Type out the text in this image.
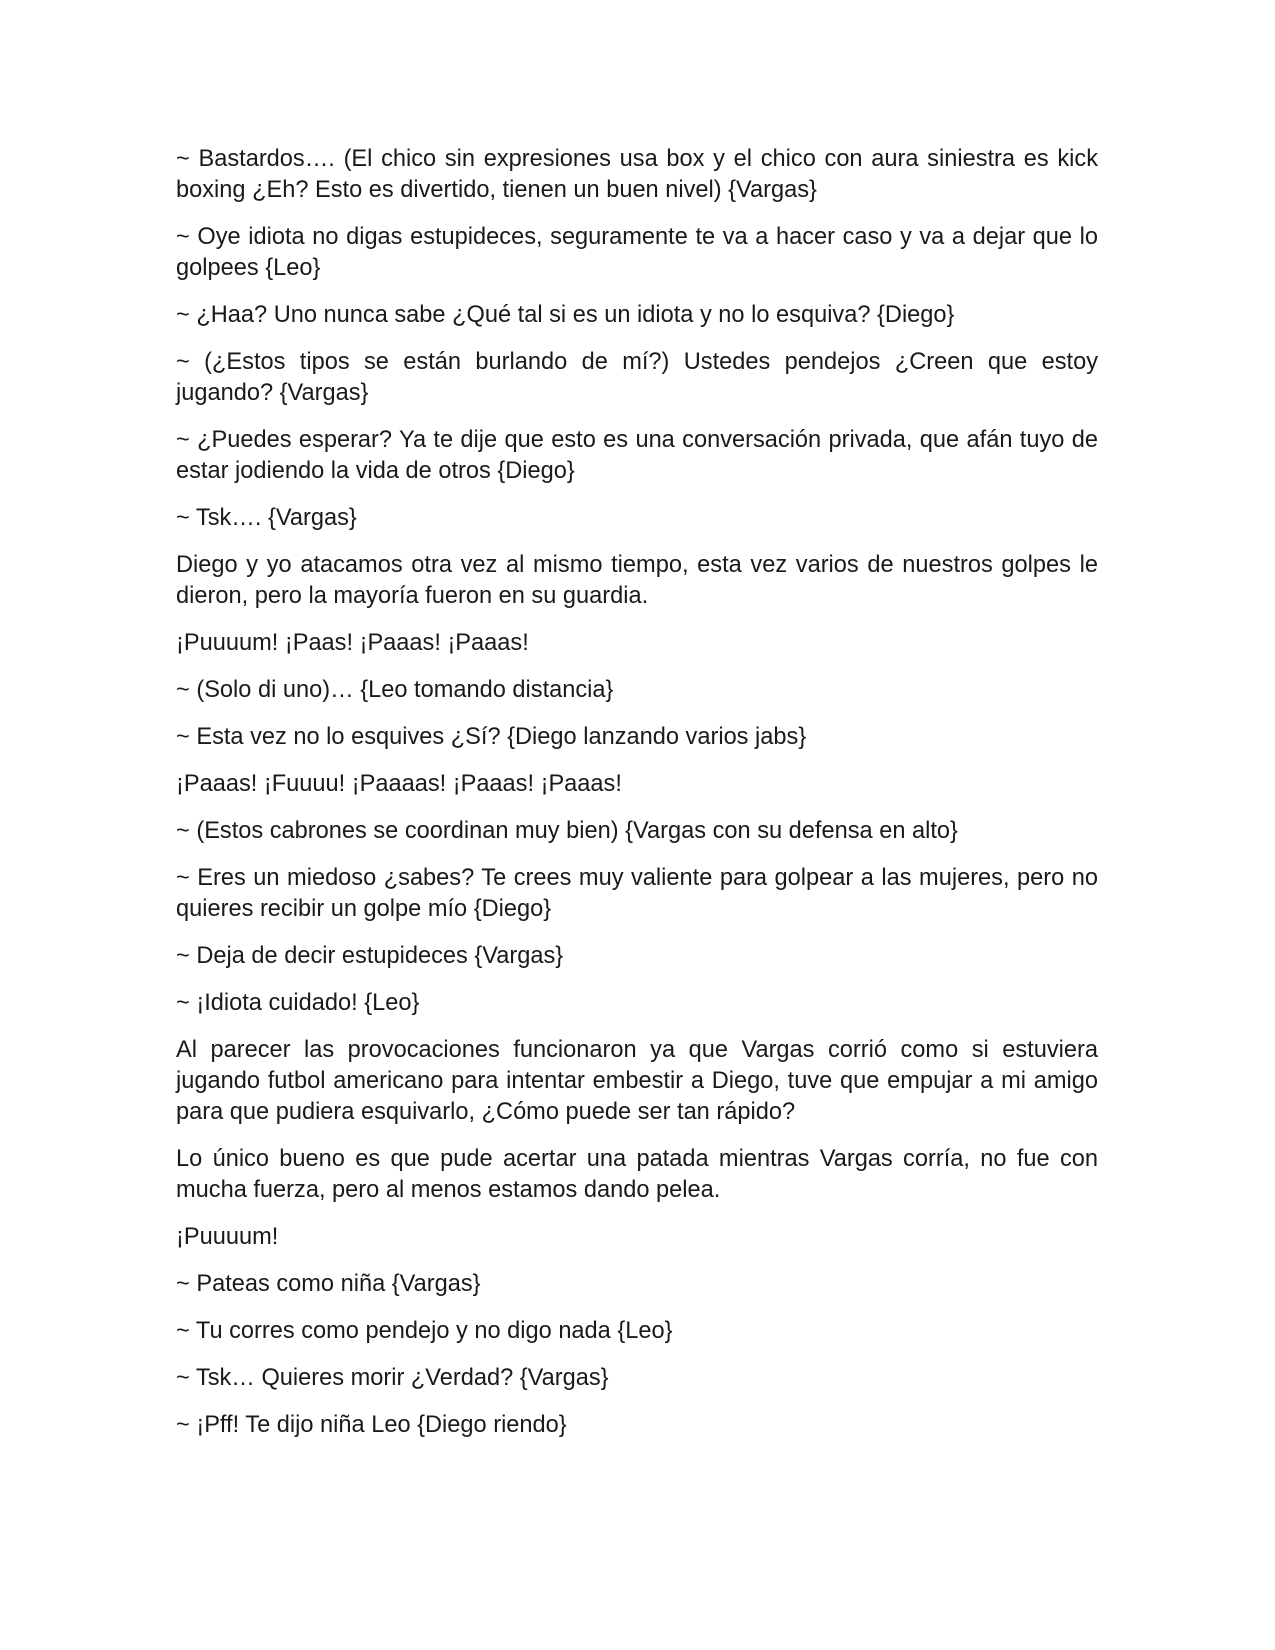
~ Bastardos…. (El chico sin expresiones usa box y el chico con aura siniestra es kick boxing ¿Eh? Esto es divertido, tienen un buen nivel) {Vargas}

~ Oye idiota no digas estupideces, seguramente te va a hacer caso y va a dejar que lo golpees {Leo}

~ ¿Haa? Uno nunca sabe ¿Qué tal si es un idiota y no lo esquiva? {Diego}

~ (¿Estos tipos se están burlando de mí?) Ustedes pendejos ¿Creen que estoy jugando? {Vargas}

~ ¿Puedes esperar? Ya te dije que esto es una conversación privada, que afán tuyo de estar jodiendo la vida de otros {Diego}

~ Tsk…. {Vargas}

Diego y yo atacamos otra vez al mismo tiempo, esta vez varios de nuestros golpes le dieron, pero la mayoría fueron en su guardia.

¡Puuuum! ¡Paas! ¡Paaas! ¡Paaas!

~ (Solo di uno)… {Leo tomando distancia}

~ Esta vez no lo esquives ¿Sí? {Diego lanzando varios jabs}

¡Paaas! ¡Fuuuu! ¡Paaaas! ¡Paaas! ¡Paaas!

~ (Estos cabrones se coordinan muy bien) {Vargas con su defensa en alto}

~ Eres un miedoso ¿sabes? Te crees muy valiente para golpear a las mujeres, pero no quieres recibir un golpe mío {Diego}

~ Deja de decir estupideces {Vargas}

~ ¡Idiota cuidado! {Leo}

Al parecer las provocaciones funcionaron ya que Vargas corrió como si estuviera jugando futbol americano para intentar embestir a Diego, tuve que empujar a mi amigo para que pudiera esquivarlo, ¿Cómo puede ser tan rápido?

Lo único bueno es que pude acertar una patada mientras Vargas corría, no fue con mucha fuerza, pero al menos estamos dando pelea.

¡Puuuum!

~ Pateas como niña {Vargas}

~ Tu corres como pendejo y no digo nada {Leo}

~ Tsk… Quieres morir ¿Verdad? {Vargas}

~ ¡Pff! Te dijo niña Leo {Diego riendo}
